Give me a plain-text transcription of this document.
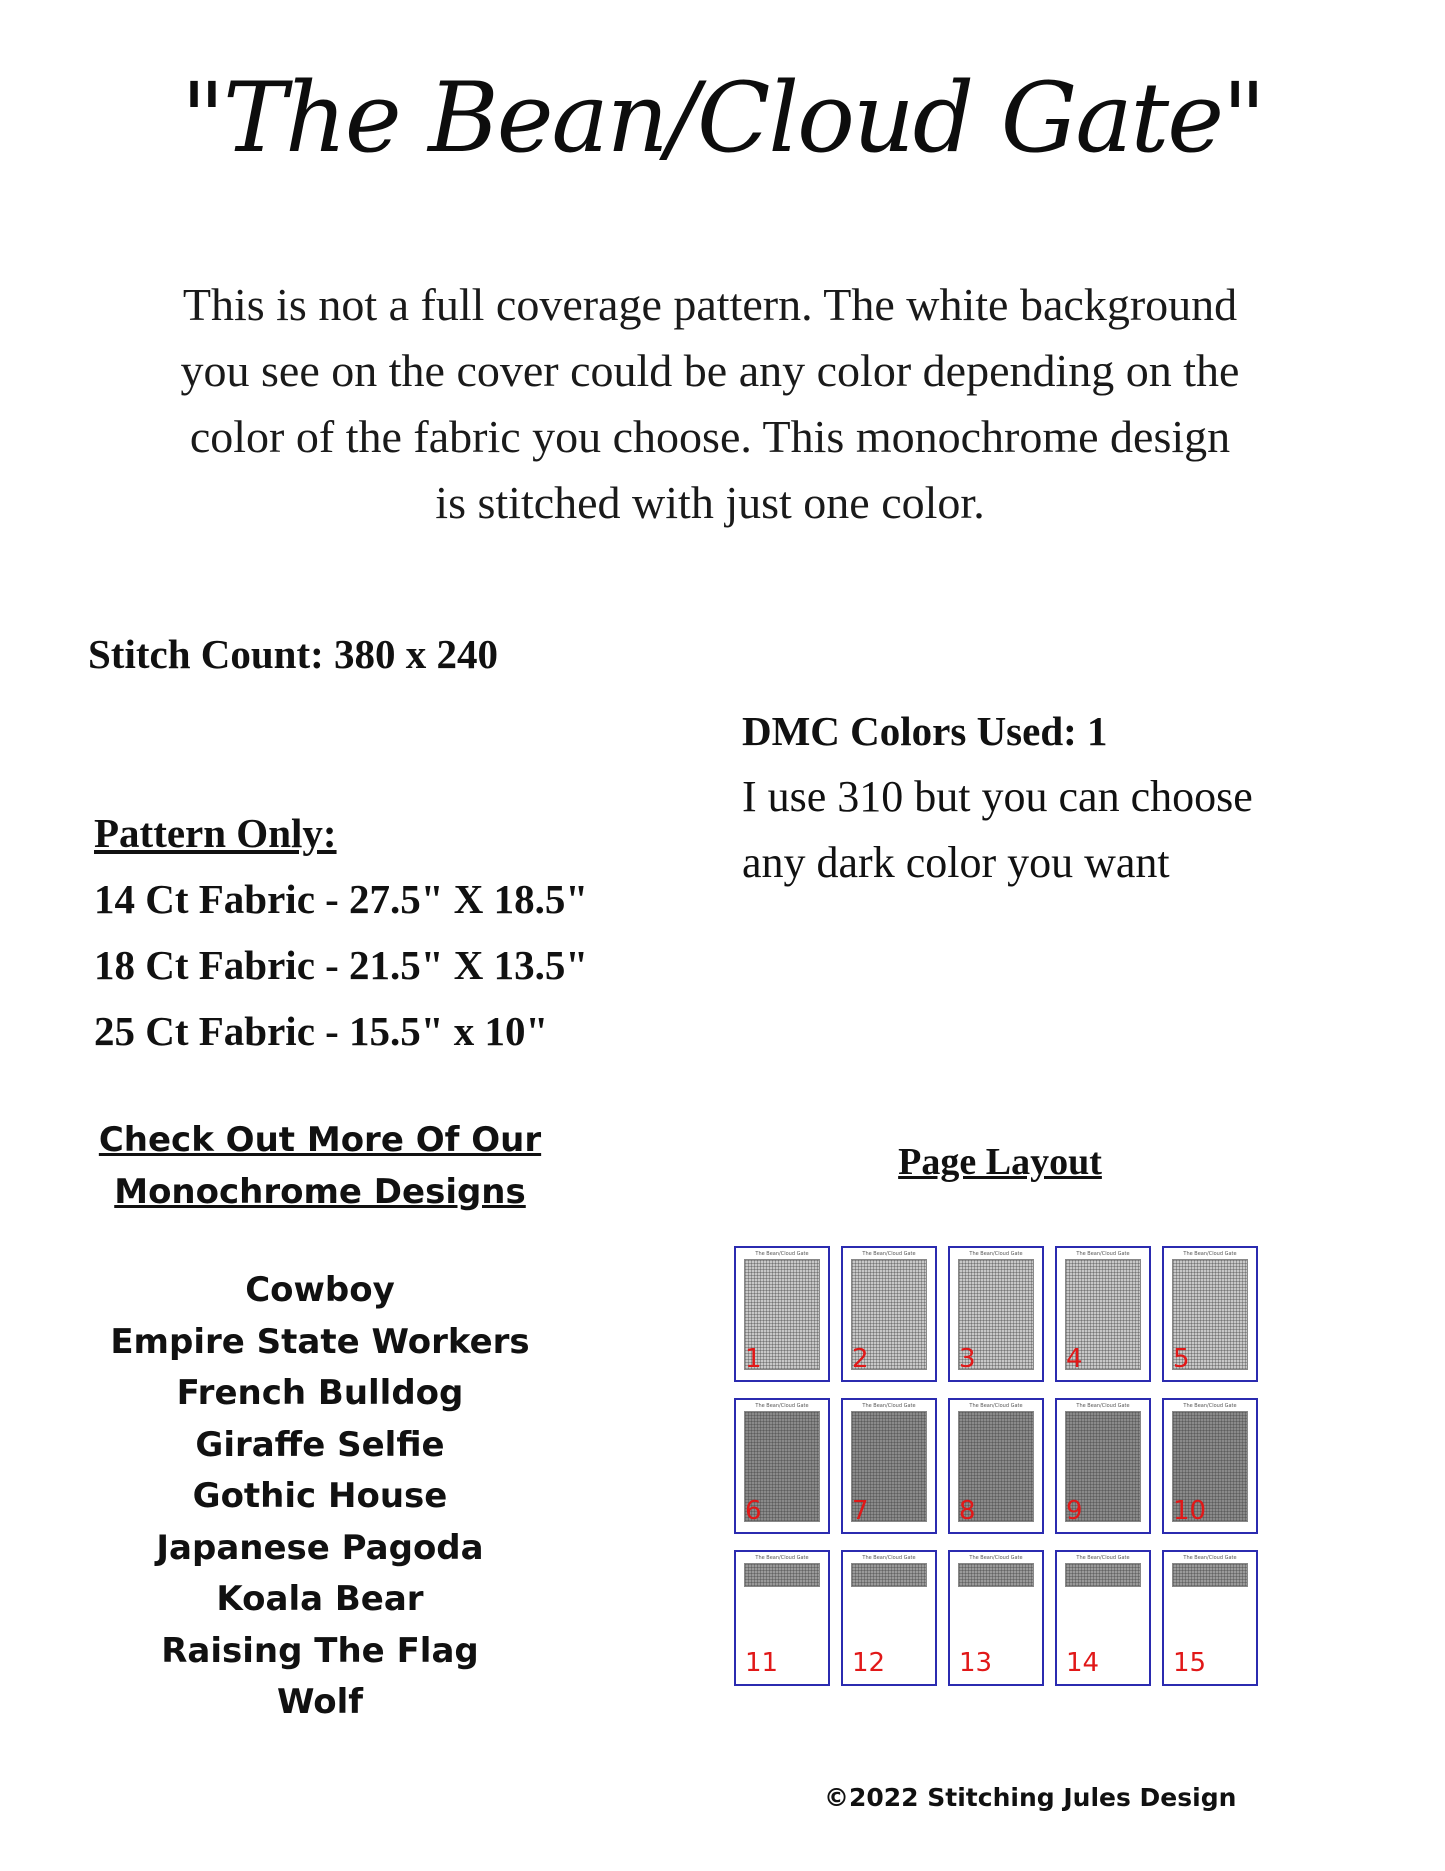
"The Bean/Cloud Gate"
This is not a full coverage pattern. The white background
you see on the cover could be any color depending on the
color of the fabric you choose. This monochrome design
is stitched with just one color.
Stitch Count: 380 x 240
Pattern Only:
14 Ct Fabric - 27.5" X 18.5"
18 Ct Fabric - 21.5" X 13.5"
25 Ct Fabric - 15.5" x 10"
DMC Colors Used: 1
I use 310 but you can choose
any dark color you want
Check Out More Of Our
Monochrome Designs
Cowboy
Empire State Workers
French Bulldog
Giraffe Selfie
Gothic House
Japanese Pagoda
Koala Bear
Raising The Flag
Wolf
Page Layout
The Bean/Cloud Gate
1
The Bean/Cloud Gate
2
The Bean/Cloud Gate
3
The Bean/Cloud Gate
4
The Bean/Cloud Gate
5
The Bean/Cloud Gate
6
The Bean/Cloud Gate
7
The Bean/Cloud Gate
8
The Bean/Cloud Gate
9
The Bean/Cloud Gate
10
The Bean/Cloud Gate
11
The Bean/Cloud Gate
12
The Bean/Cloud Gate
13
The Bean/Cloud Gate
14
The Bean/Cloud Gate
15
©2022 Stitching Jules Design
